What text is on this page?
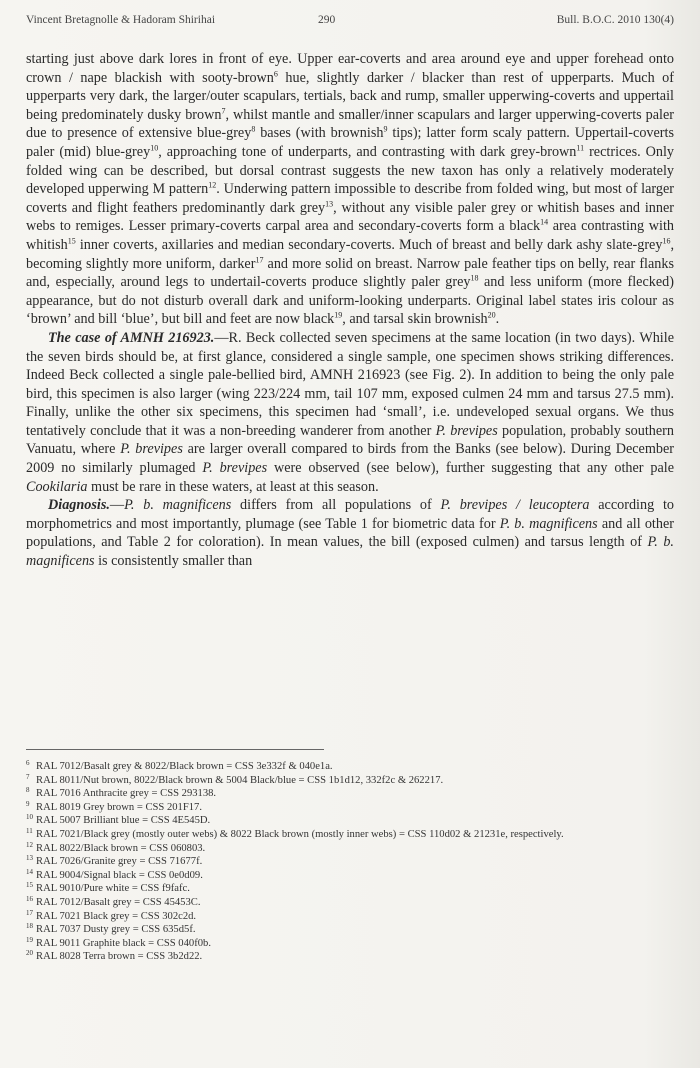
Vincent Bretagnolle & Hadoram Shirihai	290	Bull. B.O.C. 2010 130(4)

starting just above dark lores in front of eye. Upper ear-coverts and area around eye and upper forehead onto crown / nape blackish with sooty-brown$^6$ hue, slightly darker / blacker than rest of upperparts. Much of upperparts very dark, the larger/outer scapulars, tertials, back and rump, smaller upperwing-coverts and uppertail being predominately dusky brown$^7$, whilst mantle and smaller/inner scapulars and larger upperwing-coverts paler due to presence of extensive blue-grey$^8$ bases (with brownish$^9$ tips); latter form scaly pattern. Uppertail-coverts paler (mid) blue-grey$^{10}$, approaching tone of underparts, and contrasting with dark grey-brown$^{11}$ rectrices. Only folded wing can be described, but dorsal contrast suggests the new taxon has only a relatively moderately developed upperwing M pattern$^{12}$. Underwing pattern impossible to describe from folded wing, but most of larger coverts and flight feathers predominantly dark grey$^{13}$, without any visible paler grey or whitish bases and inner webs to remiges. Lesser primary-coverts carpal area and secondary-coverts form a black$^{14}$ area contrasting with whitish$^{15}$ inner coverts, axillaries and median secondary-coverts. Much of breast and belly dark ashy slate-grey$^{16}$, becoming slightly more uniform, darker$^{17}$ and more solid on breast. Narrow pale feather tips on belly, rear flanks and, especially, around legs to undertail-coverts produce slightly paler grey$^{18}$ and less uniform (more flecked) appearance, but do not disturb overall dark and uniform-looking underparts. Original label states iris colour as ‘brown’ and bill ‘blue’, but bill and feet are now black$^{19}$, and tarsal skin brownish$^{20}$.

The case of AMNH 216923.—R. Beck collected seven specimens at the same location (in two days). While the seven birds should be, at first glance, considered a single sample, one specimen shows striking differences. Indeed Beck collected a single pale-bellied bird, AMNH 216923 (see Fig. 2). In addition to being the only pale bird, this specimen is also larger (wing 223/224 mm, tail 107 mm, exposed culmen 24 mm and tarsus 27.5 mm). Finally, unlike the other six specimens, this specimen had ‘small’, i.e. undeveloped sexual organs. We thus tentatively conclude that it was a non-breeding wanderer from another P. brevipes population, probably southern Vanuatu, where P. brevipes are larger overall compared to birds from the Banks (see below). During December 2009 no similarly plumaged P. brevipes were observed (see below), further suggesting that any other pale Cookilaria must be rare in these waters, at least at this season.

Diagnosis.—P. b. magnificens differs from all populations of P. brevipes / leucoptera according to morphometrics and most importantly, plumage (see Table 1 for biometric data for P. b. magnificens and all other populations, and Table 2 for coloration). In mean values, the bill (exposed culmen) and tarsus length of P. b. magnificens is consistently smaller than

6 RAL 7012/Basalt grey & 8022/Black brown = CSS 3e332f & 040e1a.
7 RAL 8011/Nut brown, 8022/Black brown & 5004 Black/blue = CSS 1b1d12, 332f2c & 262217.
8 RAL 7016 Anthracite grey = CSS 293138.
9 RAL 8019 Grey brown = CSS 201F17.
10 RAL 5007 Brilliant blue = CSS 4E545D.
11 RAL 7021/Black grey (mostly outer webs) & 8022 Black brown (mostly inner webs) = CSS 110d02 & 21231e, respectively.
12 RAL 8022/Black brown = CSS 060803.
13 RAL 7026/Granite grey = CSS 71677f.
14 RAL 9004/Signal black = CSS 0e0d09.
15 RAL 9010/Pure white = CSS f9fafc.
16 RAL 7012/Basalt grey = CSS 45453C.
17 RAL 7021 Black grey = CSS 302c2d.
18 RAL 7037 Dusty grey = CSS 635d5f.
19 RAL 9011 Graphite black = CSS 040f0b.
20 RAL 8028 Terra brown = CSS 3b2d22.
